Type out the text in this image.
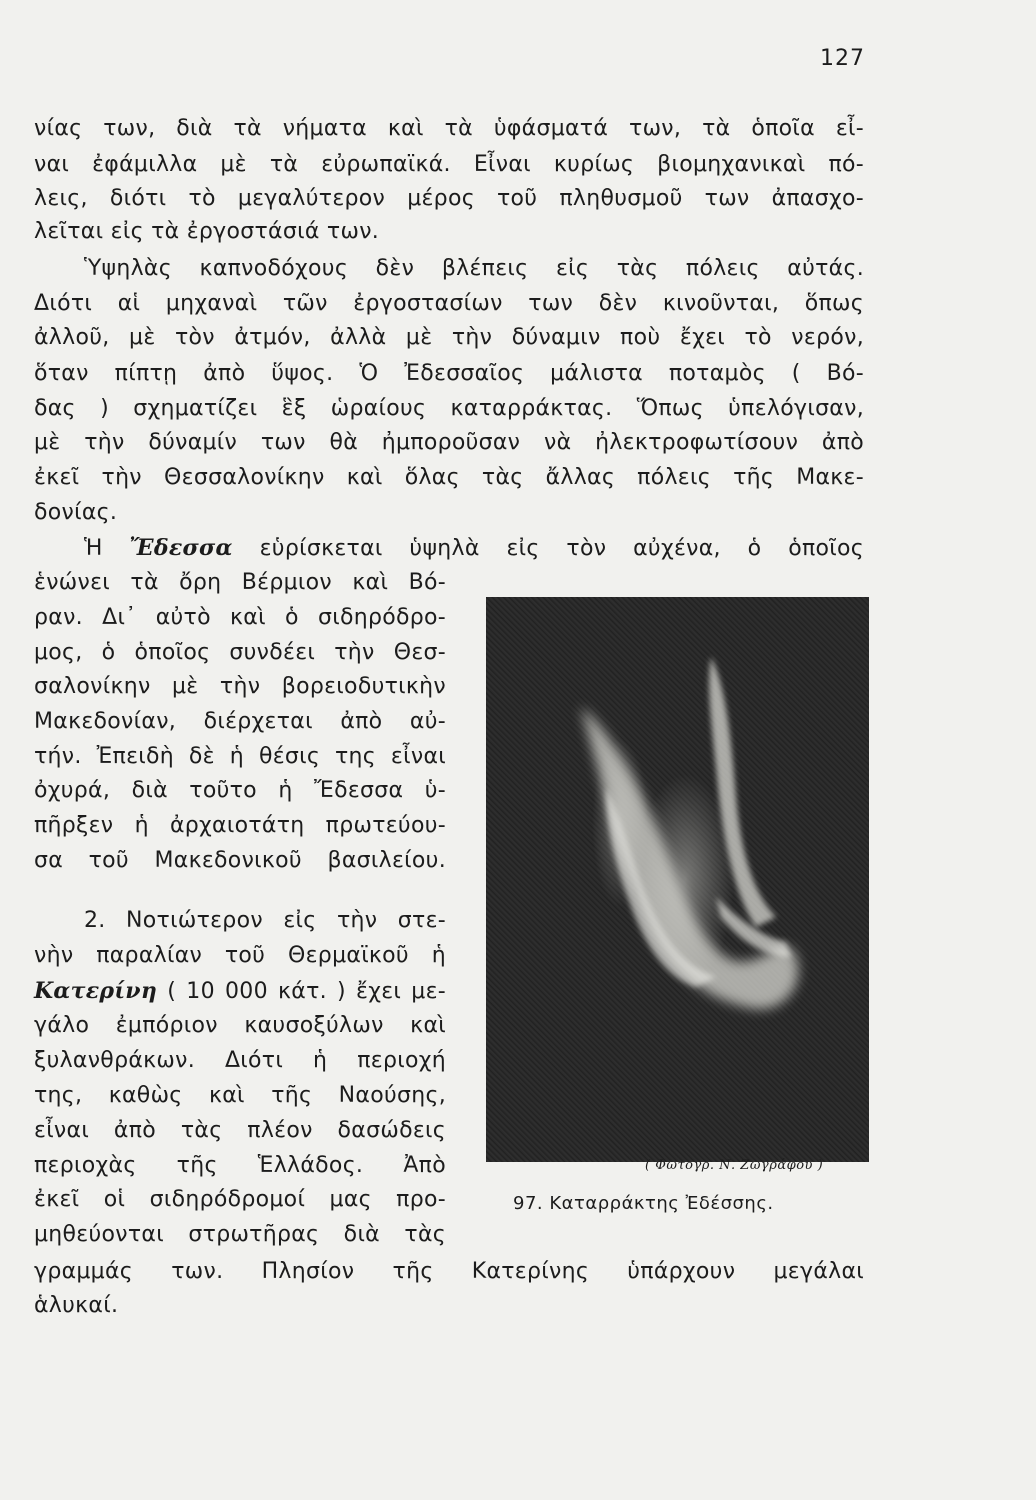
127
νίας των, διὰ τὰ νήματα καὶ τὰ ὑφάσματά των, τὰ ὁποῖα εἶ-
ναι ἐφάμιλλα μὲ τὰ εὐρωπαϊκά. Εἶναι κυρίως βιομηχανικαὶ πό-
λεις, διότι τὸ μεγαλύτερον μέρος τοῦ πληθυσμοῦ των ἀπασχο-
λεῖται εἰς τὰ ἐργοστάσιά των.
Ὑψηλὰς καπνοδόχους δὲν βλέπεις εἰς τὰς πόλεις αὐτάς.
Διότι αἱ μηχαναὶ τῶν ἐργοστασίων των δὲν κινοῦνται, ὅπως
ἀλλοῦ, μὲ τὸν ἀτμόν, ἀλλὰ μὲ τὴν δύναμιν ποὺ ἔχει τὸ νερόν,
ὅταν πίπτῃ ἀπὸ ὕψος. Ὁ Ἐδεσσαῖος μάλιστα ποταμὸς ( Βό-
δας ) σχηματίζει ἓξ ὡραίους καταρράκτας. Ὅπως ὑπελόγισαν,
μὲ τὴν δύναμίν των θὰ ἠμποροῦσαν νὰ ἠλεκτροφωτίσουν ἀπὸ
ἐκεῖ τὴν Θεσσαλονίκην καὶ ὅλας τὰς ἄλλας πόλεις τῆς Μακε-
δονίας.
Ἡ Ἔδεσσα εὑρίσκεται ὑψηλὰ εἰς τὸν αὐχένα, ὁ ὁποῖος
ἑνώνει τὰ ὄρη Βέρμιον καὶ Βό-
ραν. Δι᾽ αὐτὸ καὶ ὁ σιδηρόδρο-
μος, ὁ ὁποῖος συνδέει τὴν Θεσ-
σαλονίκην μὲ τὴν βορειοδυτικὴν
Μακεδονίαν, διέρχεται ἀπὸ αὐ-
τήν. Ἐπειδὴ δὲ ἡ θέσις της εἶναι
ὀχυρά, διὰ τοῦτο ἡ Ἔδεσσα ὑ-
πῆρξεν ἡ ἀρχαιοτάτη πρωτεύου-
σα τοῦ Μακεδονικοῦ βασιλείου.
2. Νοτιώτερον εἰς τὴν στε-
νὴν παραλίαν τοῦ Θερμαϊκοῦ ἡ
Κατερίνη ( 10 000 κάτ. ) ἔχει με-
γάλο ἐμπόριον καυσοξύλων καὶ
ξυλανθράκων. Διότι ἡ περιοχή
της, καθὼς καὶ τῆς Ναούσης,
εἶναι ἀπὸ τὰς πλέον δασώδεις
περιοχὰς τῆς Ἑλλάδος. Ἀπὸ
ἐκεῖ οἱ σιδηρόδρομοί μας προ-
μηθεύονται στρωτῆρας διὰ τὰς
γραμμάς των. Πλησίον τῆς Κατερίνης ὑπάρχουν μεγάλαι
ἁλυκαί.
( Φωτογρ. Ν. Ζωγράφου )
97. Καταρράκτης Ἐδέσσης.
